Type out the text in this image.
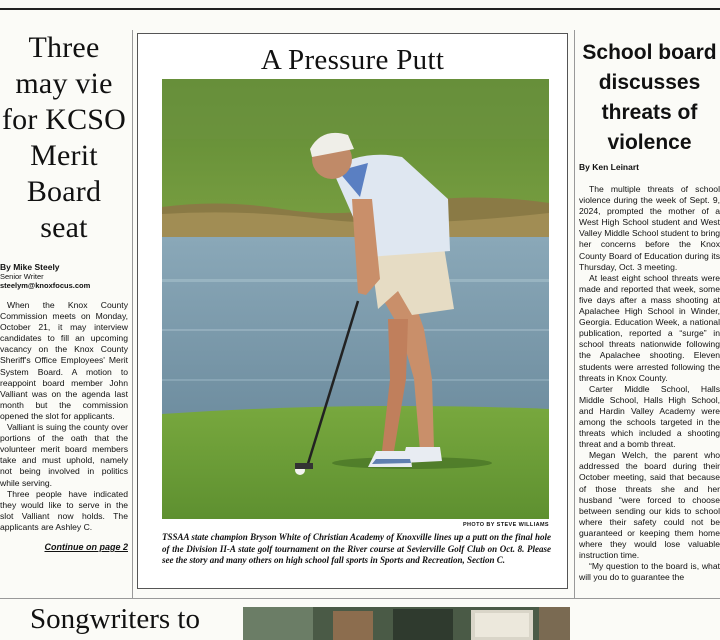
Three may vie for KCSO Merit Board seat
By Mike Steely
Senior Writer
steelym@knoxfocus.com

When the Knox County Commission meets on Monday, October 21, it may interview candidates to fill an upcoming vacancy on the Knox County Sheriff's Office Employees' Merit System Board. A motion to reappoint board member John Valliant was on the agenda last month but the commission opened the slot for applicants.

Valliant is suing the county over portions of the oath that the volunteer merit board members take and must uphold, namely not being involved in politics while serving.

Three people have indicated they would like to serve in the slot Valliant now holds. The applicants are Ashley C.

Continue on page 2
A Pressure Putt
PHOTO BY STEVE WILLIAMS
TSSAA state champion Bryson White of Christian Academy of Knoxville lines up a putt on the final hole of the Division II-A state golf tournament on the River course at Sevierville Golf Club on Oct. 8. Please see the story and many others on high school fall sports in Sports and Recreation, Section C.
School board discusses threats of violence
By Ken Leinart

The multiple threats of school violence during the week of Sept. 9, 2024, prompted the mother of a West High School student and West Valley Middle School student to bring her concerns before the Knox County Board of Education during its Thursday, Oct. 3 meeting.

At least eight school threats were made and reported that week, some five days after a mass shooting at Apalachee High School in Winder, Georgia. Education Week, a national publication, reported a “surge” in school threats nationwide following the Apalachee shooting. Eleven students were arrested following the threats in Knox County.

Carter Middle School, Halls Middle School, Halls High School, and Hardin Valley Academy were among the schools targeted in the threats which included a shooting threat and a bomb threat.

Megan Welch, the parent who addressed the board during their October meeting, said that because of those threats she and her husband “were forced to choose between sending our kids to school where their safety could not be guaranteed or keeping them home where they would lose valuable instruction time.

“My question to the board is, what will you do to guarantee the

Songwriters to
